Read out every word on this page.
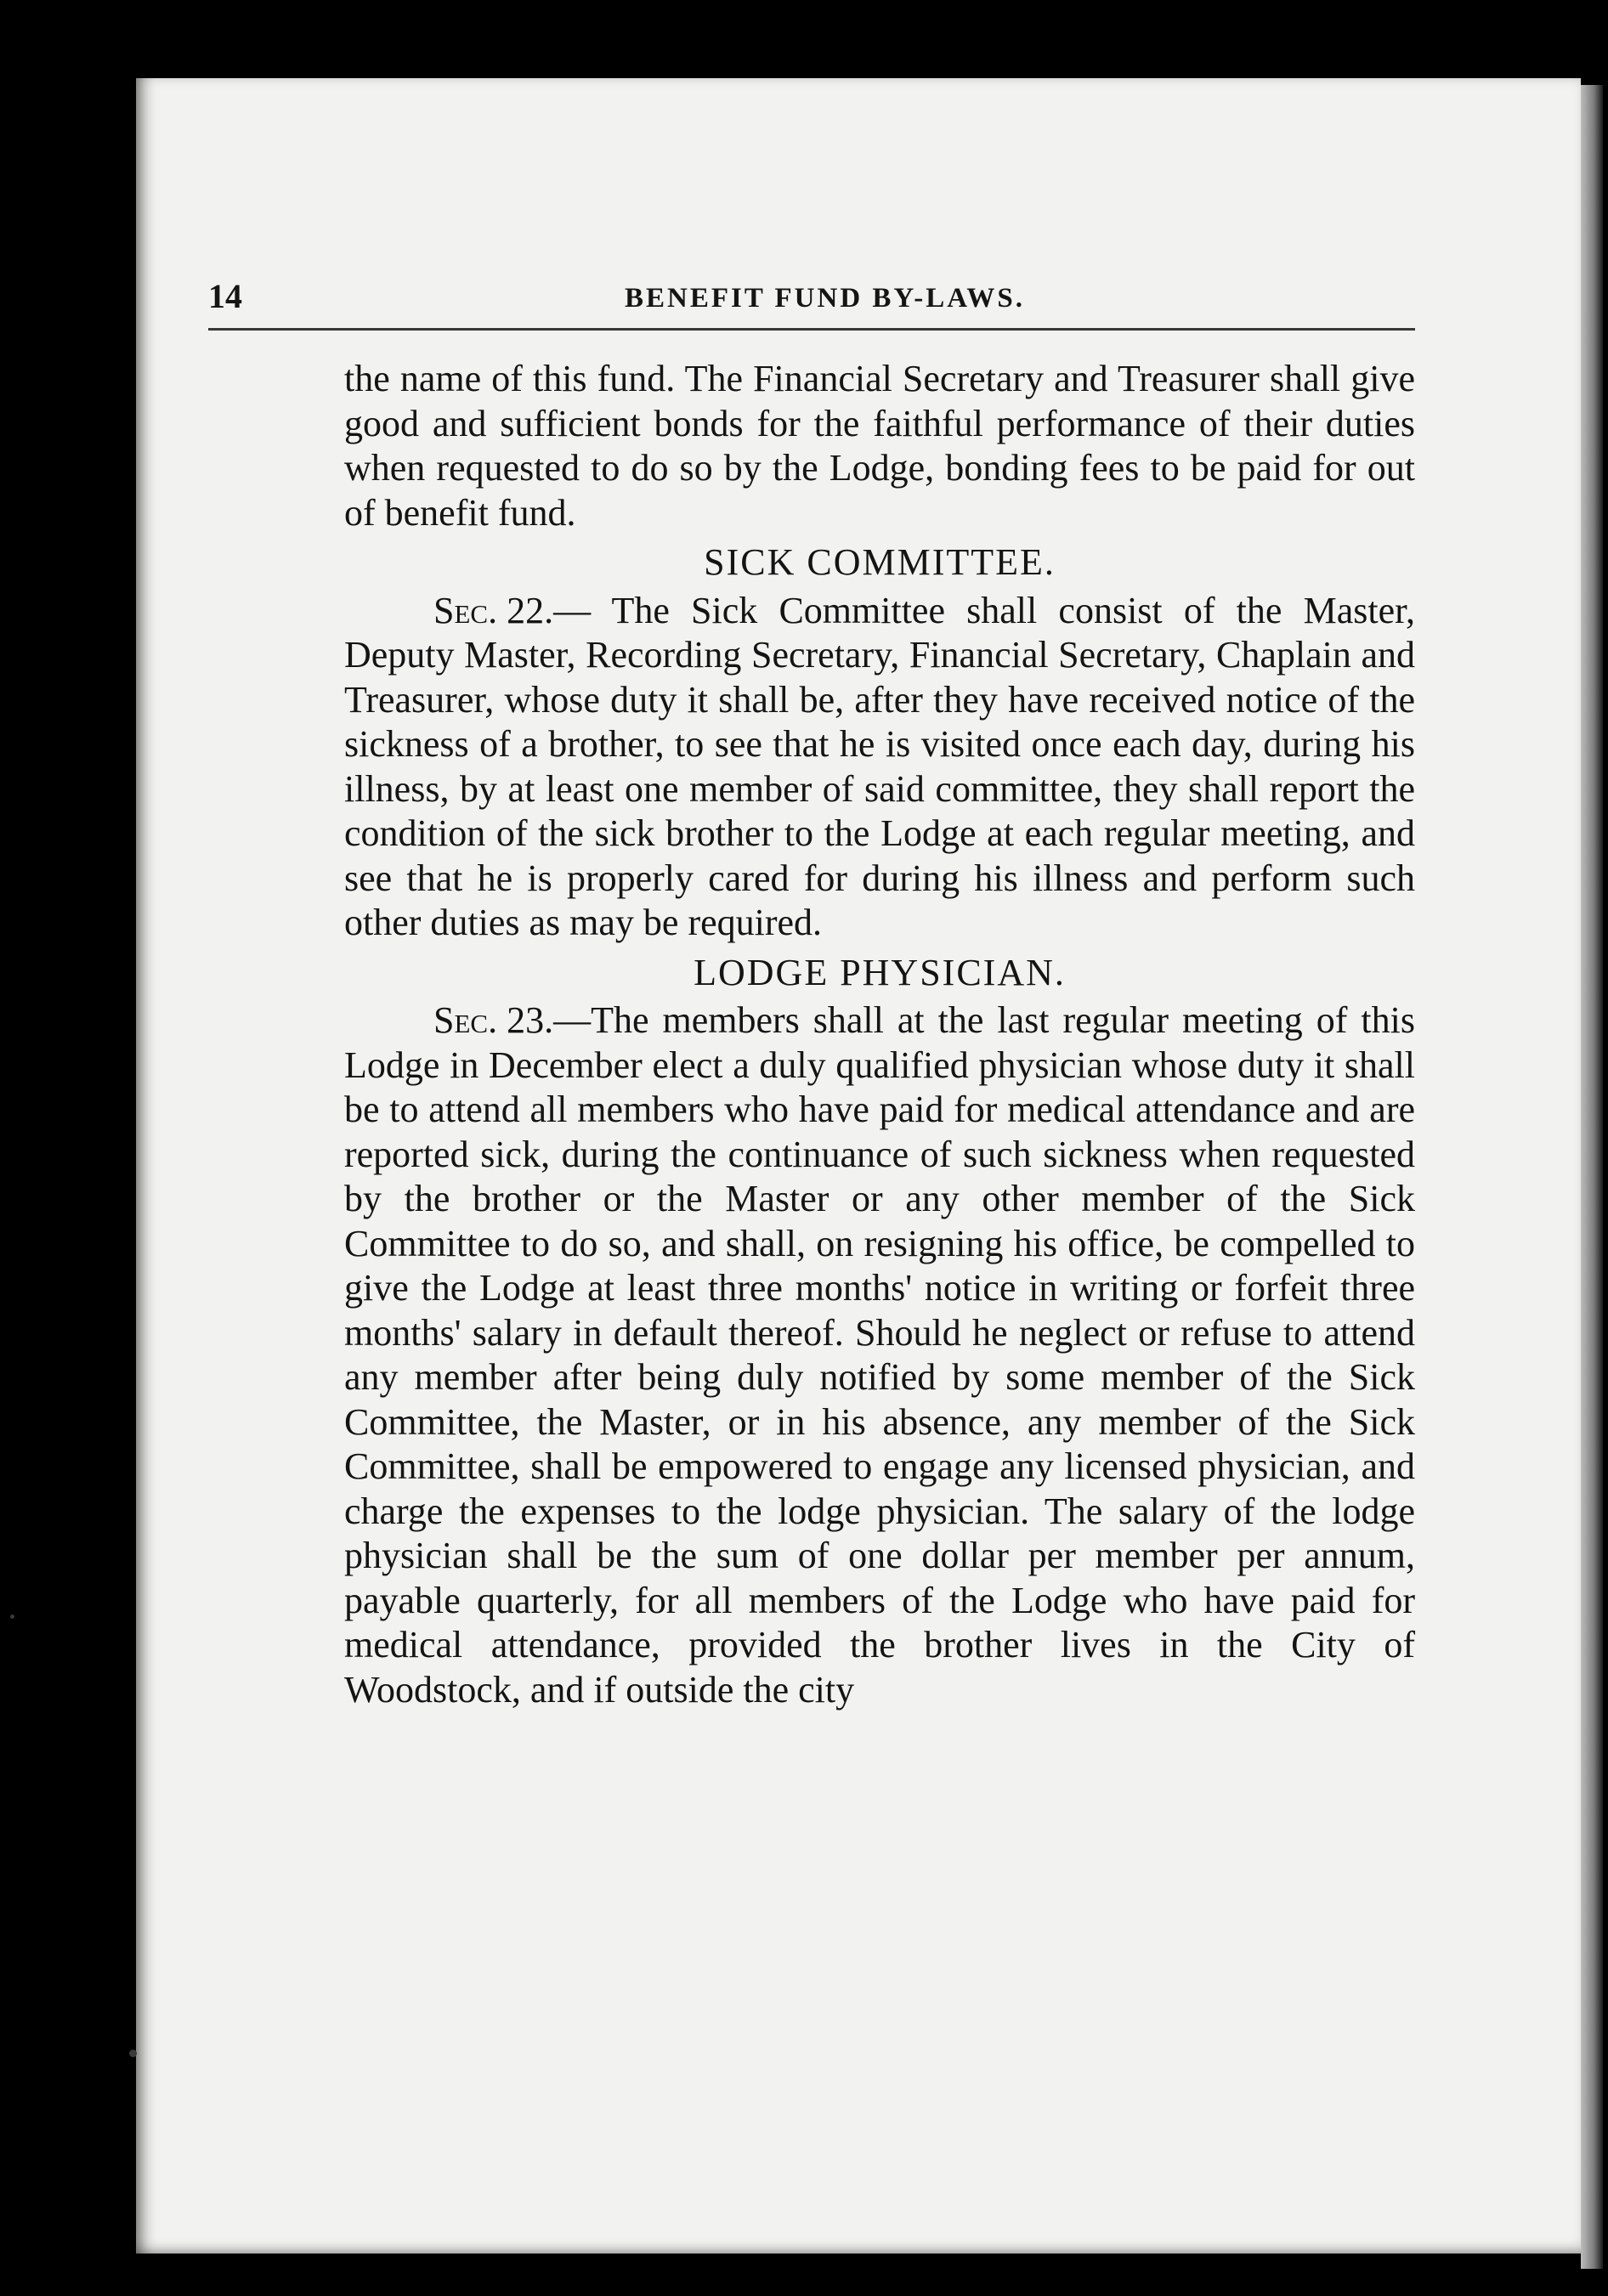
14	BENEFIT FUND BY-LAWS.

the name of this fund. The Financial Secretary and Treasurer shall give good and sufficient bonds for the faithful performance of their duties when requested to do so by the Lodge, bonding fees to be paid for out of benefit fund.

SICK COMMITTEE.

Sec. 22.— The Sick Committee shall consist of the Master, Deputy Master, Recording Secretary, Financial Secretary, Chaplain and Treasurer, whose duty it shall be, after they have received notice of the sickness of a brother, to see that he is visited once each day, during his illness, by at least one member of said committee, they shall report the condition of the sick brother to the Lodge at each regular meeting, and see that he is properly cared for during his illness and perform such other duties as may be required.

LODGE PHYSICIAN.

Sec. 23.—The members shall at the last regular meeting of this Lodge in December elect a duly qualified physician whose duty it shall be to attend all members who have paid for medical attendance and are reported sick, during the continuance of such sickness when requested by the brother or the Master or any other member of the Sick Committee to do so, and shall, on resigning his office, be compelled to give the Lodge at least three months' notice in writing or forfeit three months' salary in default thereof. Should he neglect or refuse to attend any member after being duly notified by some member of the Sick Committee, the Master, or in his absence, any member of the Sick Committee, shall be empowered to engage any licensed physician, and charge the expenses to the lodge physician. The salary of the lodge physician shall be the sum of one dollar per member per annum, payable quarterly, for all members of the Lodge who have paid for medical attendance, provided the brother lives in the City of Woodstock, and if outside the city
